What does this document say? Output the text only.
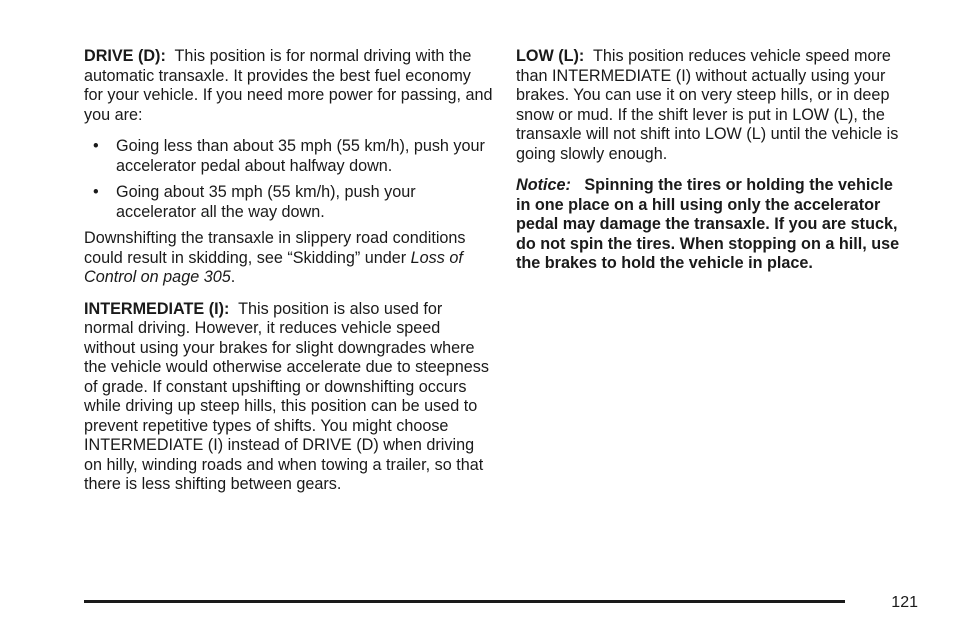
DRIVE (D): This position is for normal driving with the automatic transaxle. It provides the best fuel economy for your vehicle. If you need more power for passing, and you are:

• Going less than about 35 mph (55 km/h), push your accelerator pedal about halfway down.
• Going about 35 mph (55 km/h), push your accelerator all the way down.

Downshifting the transaxle in slippery road conditions could result in skidding, see “Skidding” under Loss of Control on page 305.

INTERMEDIATE (I): This position is also used for normal driving. However, it reduces vehicle speed without using your brakes for slight downgrades where the vehicle would otherwise accelerate due to steepness of grade. If constant upshifting or downshifting occurs while driving up steep hills, this position can be used to prevent repetitive types of shifts. You might choose INTERMEDIATE (I) instead of DRIVE (D) when driving on hilly, winding roads and when towing a trailer, so that there is less shifting between gears.

LOW (L): This position reduces vehicle speed more than INTERMEDIATE (I) without actually using your brakes. You can use it on very steep hills, or in deep snow or mud. If the shift lever is put in LOW (L), the transaxle will not shift into LOW (L) until the vehicle is going slowly enough.

Notice: Spinning the tires or holding the vehicle in one place on a hill using only the accelerator pedal may damage the transaxle. If you are stuck, do not spin the tires. When stopping on a hill, use the brakes to hold the vehicle in place.

121
